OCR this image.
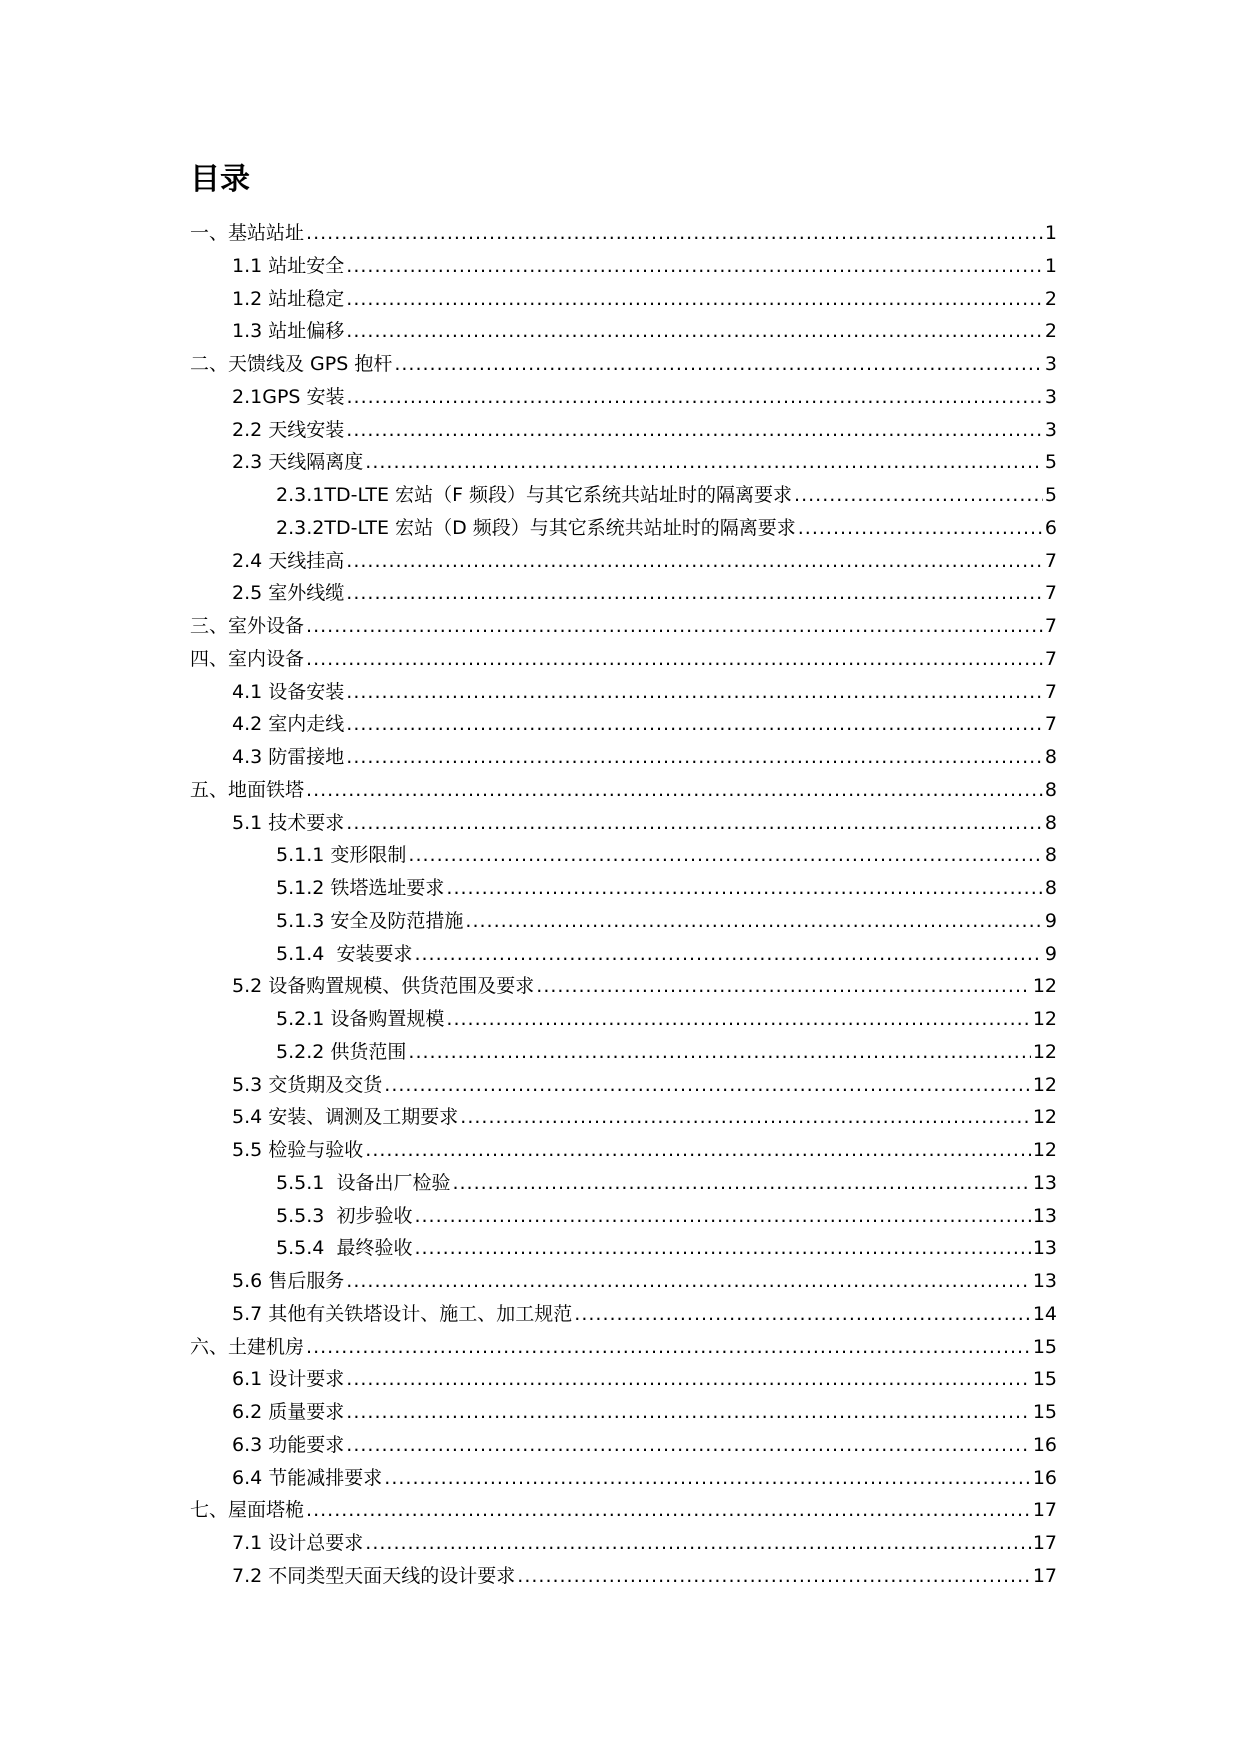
目录
一、 基站站址 .....	1
1.1 站址安全 .....	1
1.2 站址稳定 .....	2
1.3 站址偏移 .....	2
二、 天馈线及 GPS 抱杆 .....	3
2.1 GPS 安装 .....	3
2.2 天线安装 .....	3
2.3 天线隔离度 .....	5
2.3.1 TD-LTE 宏站（F 频段）与其它系统共站址时的隔离要求 .....	5
2.3.2 TD-LTE 宏站（D 频段）与其它系统共站址时的隔离要求 .....	6
2.4 天线挂高 .....	7
2.5 室外线缆 .....	7
三、 室外设备 .....	7
四、 室内设备 .....	7
4.1 设备安装 .....	7
4.2 室内走线 .....	7
4.3 防雷接地 .....	8
五、 地面铁塔 .....	8
5.1 技术要求 .....	8
5.1.1 变形限制 .....	8
5.1.2 铁塔选址要求 .....	8
5.1.3 安全及防范措施 .....	9
5.1.4 安装要求 .....	9
5.2 设备购置规模、供货范围及要求 .....	12
5.2.1 设备购置规模 .....	12
5.2.2 供货范围 .....	12
5.3 交货期及交货 .....	12
5.4 安装、调测及工期要求 .....	12
5.5 检验与验收 .....	12
5.5.1 设备出厂检验 .....	13
5.5.3 初步验收 .....	13
5.5.4 最终验收 .....	13
5.6 售后服务 .....	13
5.7 其他有关铁塔设计、施工、加工规范 .....	14
六、 土建机房 .....	15
6.1 设计要求 .....	15
6.2 质量要求 .....	15
6.3 功能要求 .....	16
6.4 节能减排要求 .....	16
七、 屋面塔桅 .....	17
7.1 设计总要求 .....	17
7.2 不同类型天面天线的设计要求 .....	17
